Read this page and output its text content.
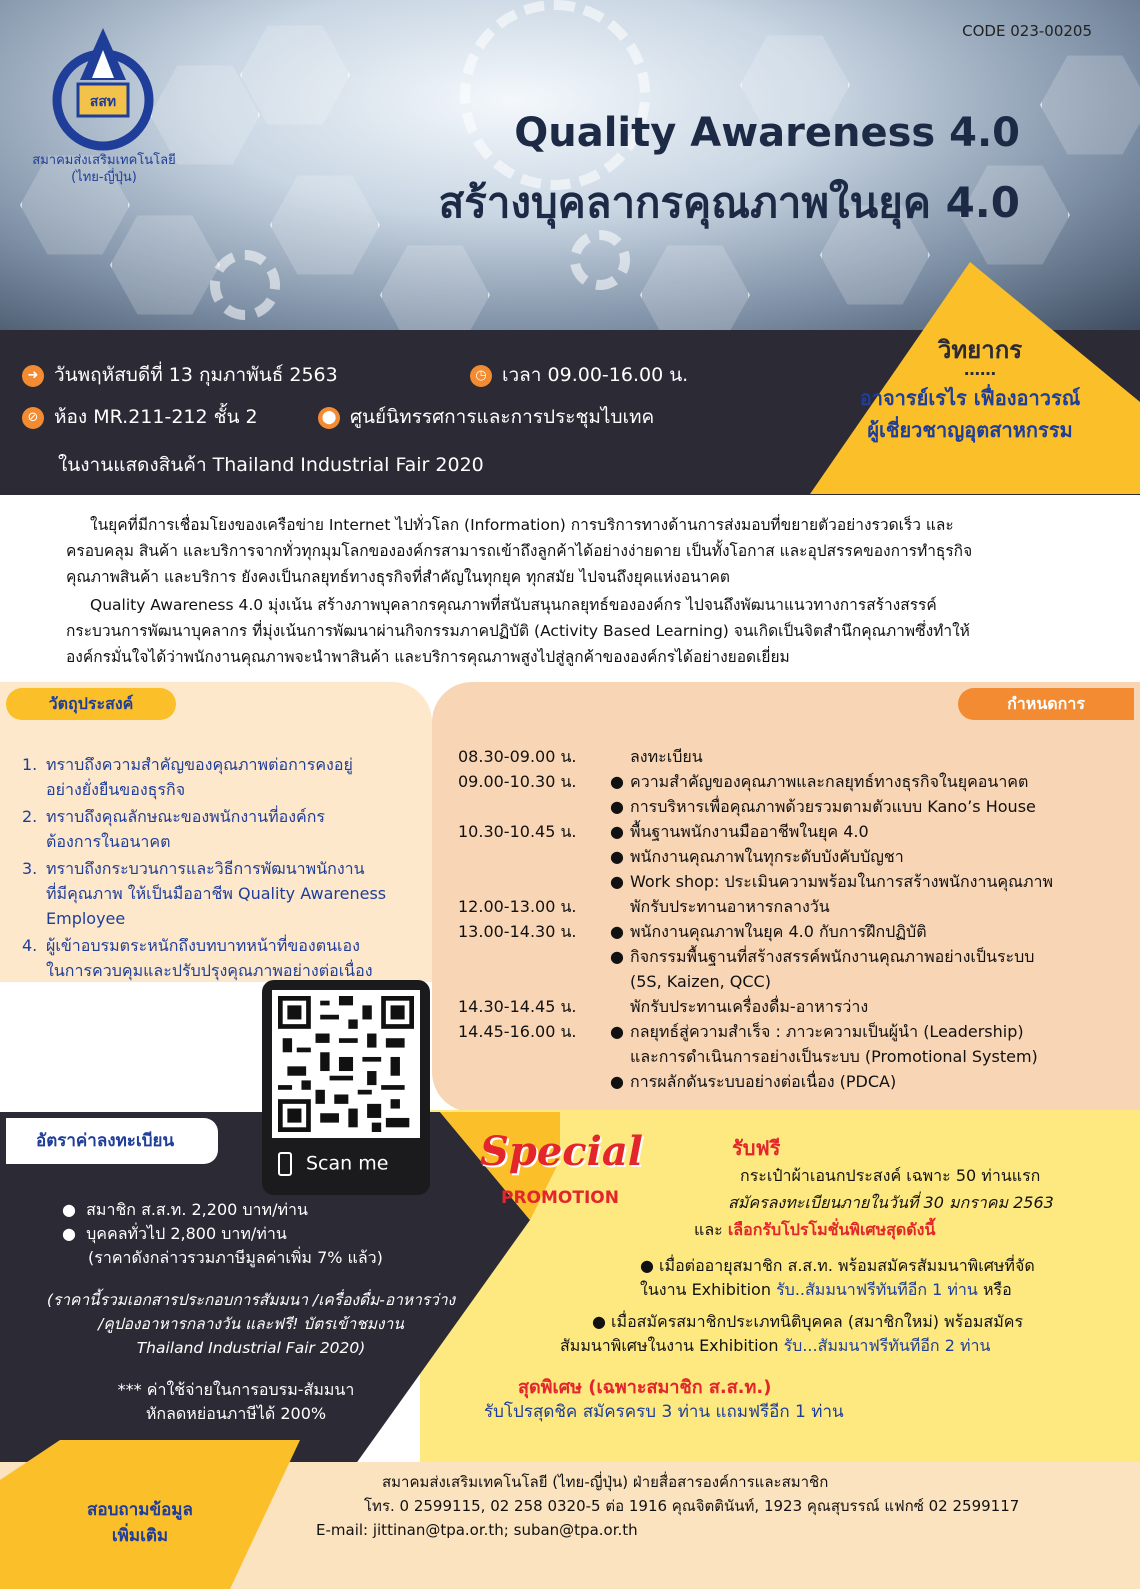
CODE 023-00205
สสท
สมาคมส่งเสริมเทคโนโลยี
(ไทย-ญี่ปุ่น)
Quality Awareness 4.0
สร้างบุคลากรคุณภาพในยุค 4.0
➜ วันพฤหัสบดีที่ 13 กุมภาพันธ์ 2563	◷ เวลา 09.00-16.00 น.
⊘ ห้อง MR.211-212 ชั้น 2	⬤ ศูนย์นิทรรศการและการประชุมไบเทค
ในงานแสดงสินค้า Thailand Industrial Fair 2020
วิทยากร
……
อาจารย์เรไร เฟื่องอาวรณ์
ผู้เชี่ยวชาญอุตสาหกรรม
ในยุคที่มีการเชื่อมโยงของเครือข่าย Internet ไปทั่วโลก (Information) การบริการทางด้านการส่งมอบที่ขยายตัวอย่างรวดเร็ว และ
ครอบคลุม สินค้า และบริการจากทั่วทุกมุมโลกขององค์กรสามารถเข้าถึงลูกค้าได้อย่างง่ายดาย เป็นทั้งโอกาส และอุปสรรคของการทำธุรกิจ
คุณภาพสินค้า และบริการ ยังคงเป็นกลยุทธ์ทางธุรกิจที่สำคัญในทุกยุค ทุกสมัย ไปจนถึงยุคแห่งอนาคต
Quality Awareness 4.0 มุ่งเน้น สร้างภาพบุคลากรคุณภาพที่สนับสนุนกลยุทธ์ขององค์กร ไปจนถึงพัฒนาแนวทางการสร้างสรรค์
กระบวนการพัฒนาบุคลากร ที่มุ่งเน้นการพัฒนาผ่านกิจกรรมภาคปฏิบัติ (Activity Based Learning) จนเกิดเป็นจิตสำนึกคุณภาพซึ่งทำให้
องค์กรมั่นใจได้ว่าพนักงานคุณภาพจะนำพาสินค้า และบริการคุณภาพสูงไปสู่ลูกค้าขององค์กรได้อย่างยอดเยี่ยม
วัตถุประสงค์
1. ทราบถึงความสำคัญของคุณภาพต่อการคงอยู่
อย่างยั่งยืนของธุรกิจ
2. ทราบถึงคุณลักษณะของพนักงานที่องค์กร
ต้องการในอนาคต
3. ทราบถึงกระบวนการและวิธีการพัฒนาพนักงาน
ที่มีคุณภาพ ให้เป็นมืออาชีพ Quality Awareness
Employee
4. ผู้เข้าอบรมตระหนักถึงบทบาทหน้าที่ของตนเอง
ในการควบคุมและปรับปรุงคุณภาพอย่างต่อเนื่อง
กำหนดการ
08.30-09.00 น.	ลงทะเบียน
09.00-10.30 น.	● ความสำคัญของคุณภาพและกลยุทธ์ทางธุรกิจในยุคอนาคต
● การบริหารเพื่อคุณภาพด้วยรวมตามตัวแบบ Kano’s House
10.30-10.45 น.	● พื้นฐานพนักงานมืออาชีพในยุค 4.0
● พนักงานคุณภาพในทุกระดับบังคับบัญชา
● Work shop: ประเมินความพร้อมในการสร้างพนักงานคุณภาพ
12.00-13.00 น.	พักรับประทานอาหารกลางวัน
13.00-14.30 น.	● พนักงานคุณภาพในยุค 4.0 กับการฝึกปฏิบัติ
● กิจกรรมพื้นฐานที่สร้างสรรค์พนักงานคุณภาพอย่างเป็นระบบ
(5S, Kaizen, QCC)
14.30-14.45 น.	พักรับประทานเครื่องดื่ม-อาหารว่าง
14.45-16.00 น.	● กลยุทธ์สู่ความสำเร็จ : ภาวะความเป็นผู้นำ (Leadership)
และการดำเนินการอย่างเป็นระบบ (Promotional System)
● การผลักดันระบบอย่างต่อเนื่อง (PDCA)
อัตราค่าลงทะเบียน
●  สมาชิก ส.ส.ท. 2,200 บาท/ท่าน
●  บุคคลทั่วไป 2,800 บาท/ท่าน
(ราคาดังกล่าวรวมภาษีมูลค่าเพิ่ม 7% แล้ว)
(ราคานี้รวมเอกสารประกอบการสัมมนา /เครื่องดื่ม-อาหารว่าง
/คูปองอาหารกลางวัน และฟรี! บัตรเข้าชมงาน
Thailand Industrial Fair 2020)
*** ค่าใช้จ่ายในการอบรม-สัมมนา
หักลดหย่อนภาษีได้ 200%
Scan me	Special
PROMOTION
รับฟรี
กระเป๋าผ้าเอนกประสงค์ เฉพาะ 50 ท่านแรก
สมัครลงทะเบียนภายในวันที่ 30 มกราคม 2563
และ เลือกรับโปรโมชั่นพิเศษสุดดังนี้
● เมื่อต่ออายุสมาชิก ส.ส.ท. พร้อมสมัครสัมมนาพิเศษที่จัด
ในงาน Exhibition รับ..สัมมนาฟรีทันทีอีก 1 ท่าน หรือ
● เมื่อสมัครสมาชิกประเภทนิติบุคคล (สมาชิกใหม่) พร้อมสมัคร
สัมมนาพิเศษในงาน Exhibition รับ...สัมมนาฟรีทันทีอีก 2 ท่าน
สุดพิเศษ (เฉพาะสมาชิก ส.ส.ท.)
รับโปรสุดชิค สมัครครบ 3 ท่าน แถมฟรีอีก 1 ท่าน
สอบถามข้อมูล
เพิ่มเติม
สมาคมส่งเสริมเทคโนโลยี (ไทย-ญี่ปุ่น) ฝ่ายสื่อสารองค์การและสมาชิก
โทร. 0 2599115, 02 258 0320-5 ต่อ 1916 คุณจิตตินันท์, 1923 คุณสุบรรณ์ แฟกซ์ 02 2599117
E-mail: jittinan@tpa.or.th; suban@tpa.or.th
